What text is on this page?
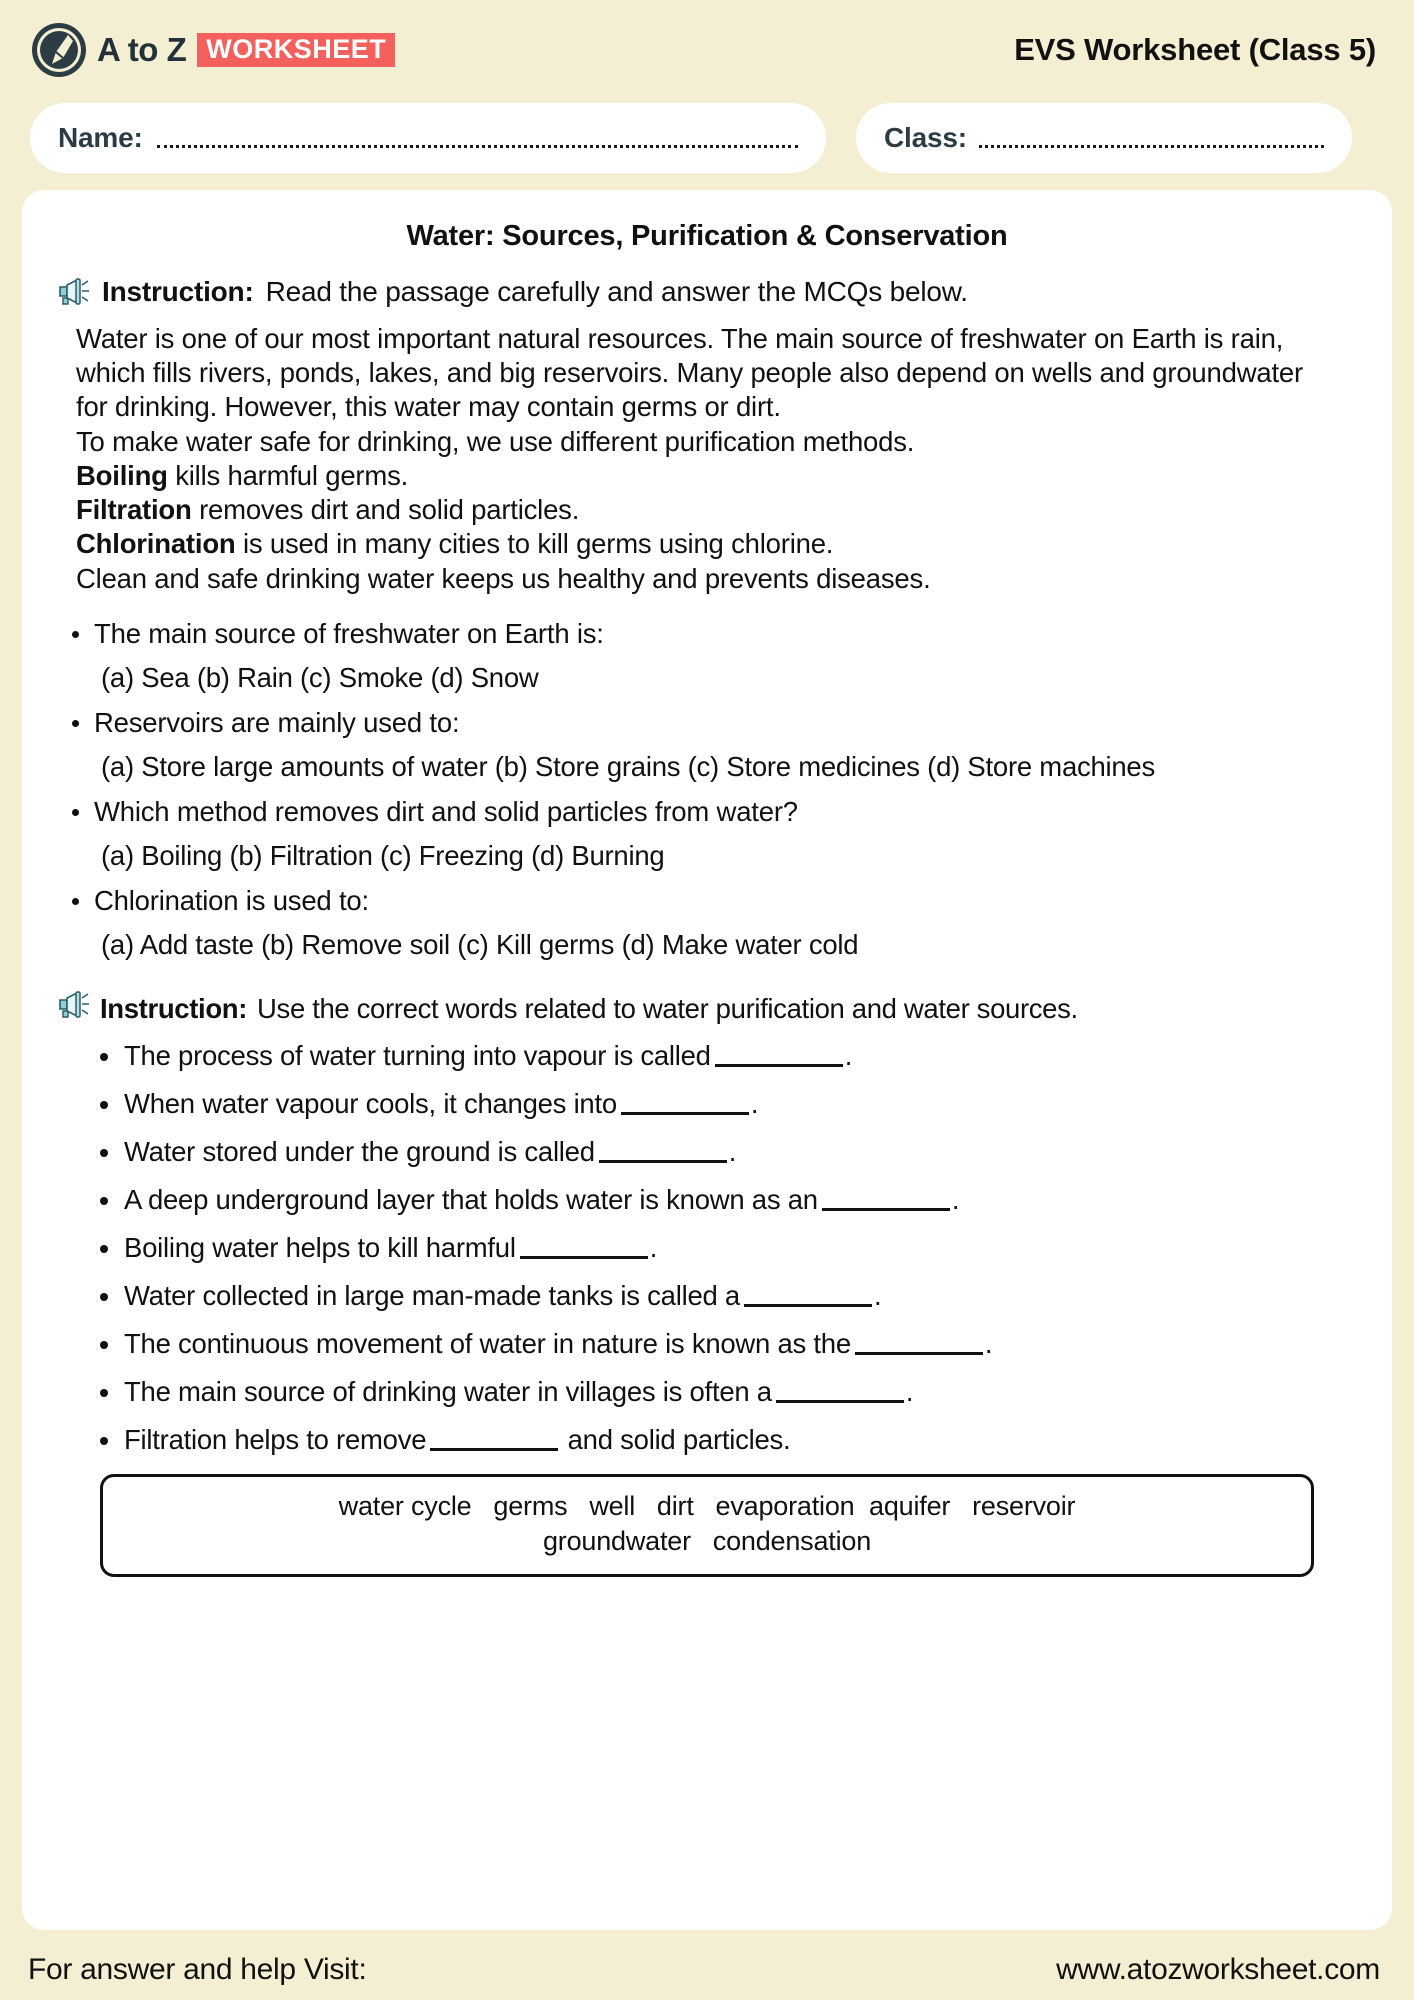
A to Z WORKSHEET	EVS Worksheet (Class 5)
Name:	Class:
Water: Sources, Purification & Conservation
Instruction: Read the passage carefully and answer the MCQs below.

Water is one of our most important natural resources. The main source of freshwater on Earth is rain, which fills rivers, ponds, lakes, and big reservoirs. Many people also depend on wells and groundwater for drinking. However, this water may contain germs or dirt.

To make water safe for drinking, we use different purification methods.

Boiling kills harmful germs.

Filtration removes dirt and solid particles.

Chlorination is used in many cities to kill germs using chlorine.

Clean and safe drinking water keeps us healthy and prevents diseases.

The main source of freshwater on Earth is:
(a) Sea (b) Rain (c) Smoke (d) Snow
Reservoirs are mainly used to:
(a) Store large amounts of water (b) Store grains (c) Store medicines (d) Store machines
Which method removes dirt and solid particles from water?
(a) Boiling (b) Filtration (c) Freezing (d) Burning
Chlorination is used to:
(a) Add taste (b) Remove soil (c) Kill germs (d) Make water cold
Instruction: Use the correct words related to water purification and water sources.
The process of water turning into vapour is called	.
When water vapour cools, it changes into	.
Water stored under the ground is called	.
A deep underground layer that holds water is known as an	.
Boiling water helps to kill harmful	.
Water collected in large man-made tanks is called a	.
The continuous movement of water in nature is known as the	.
The main source of drinking water in villages is often a	.
Filtration helps to remove	and solid particles.
water cycle   germs   well   dirt   evaporation  aquifer   reservoir
groundwater   condensation
For answer and help Visit:	www.atozworksheet.com
